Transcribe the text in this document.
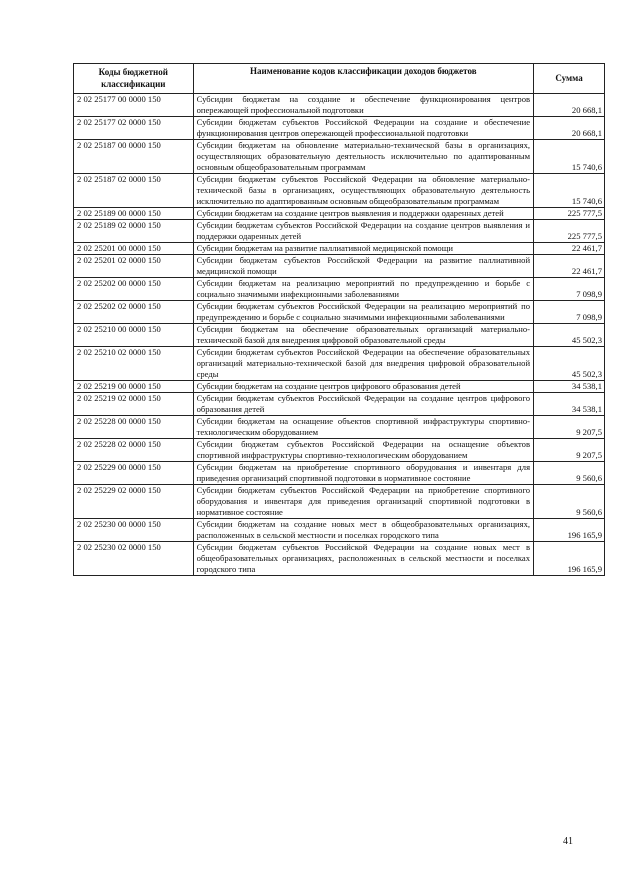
Коды бюджетной классификации	Наименование кодов классификации доходов бюджетов	Сумма
2 02 25177 00 0000 150	Субсидии бюджетам на создание и обеспечение функционирования центров опережающей профессиональной подготовки	20 668,1
2 02 25177 02 0000 150	Субсидии бюджетам субъектов Российской Федерации на создание и обеспечение функционирования центров опережающей профессиональной подготовки	20 668,1
2 02 25187 00 0000 150	Субсидии бюджетам на обновление материально-технической базы в организациях, осуществляющих образовательную деятельность исключительно по адаптированным основным общеобразовательным программам	15 740,6
2 02 25187 02 0000 150	Субсидии бюджетам субъектов Российской Федерации на обновление материально-технической базы в организациях, осуществляющих образовательную деятельность исключительно по адаптированным основным общеобразовательным программам	15 740,6
2 02 25189 00 0000 150	Субсидии бюджетам на создание центров выявления и поддержки одаренных детей	225 777,5
2 02 25189 02 0000 150	Субсидии бюджетам субъектов Российской Федерации на создание центров выявления и поддержки одаренных детей	225 777,5
2 02 25201 00 0000 150	Субсидии бюджетам на развитие паллиативной медицинской помощи	22 461,7
2 02 25201 02 0000 150	Субсидии бюджетам субъектов Российской Федерации на развитие паллиативной медицинской помощи	22 461,7
2 02 25202 00 0000 150	Субсидии бюджетам на реализацию мероприятий по предупреждению и борьбе с социально значимыми инфекционными заболеваниями	7 098,9
2 02 25202 02 0000 150	Субсидии бюджетам субъектов Российской Федерации на реализацию мероприятий по предупреждению и борьбе с социально значимыми инфекционными заболеваниями	7 098,9
2 02 25210 00 0000 150	Субсидии бюджетам на обеспечение образовательных организаций материально-технической базой для внедрения цифровой образовательной среды	45 502,3
2 02 25210 02 0000 150	Субсидии бюджетам субъектов Российской Федерации на обеспечение образовательных организаций материально-технической базой для внедрения цифровой образовательной среды	45 502,3
2 02 25219 00 0000 150	Субсидии бюджетам на создание центров цифрового образования детей	34 538,1
2 02 25219 02 0000 150	Субсидии бюджетам субъектов Российской Федерации на создание центров цифрового образования детей	34 538,1
2 02 25228 00 0000 150	Субсидии бюджетам на оснащение объектов спортивной инфраструктуры спортивно-технологическим оборудованием	9 207,5
2 02 25228 02 0000 150	Субсидии бюджетам субъектов Российской Федерации на оснащение объектов спортивной инфраструктуры спортивно-технологическим оборудованием	9 207,5
2 02 25229 00 0000 150	Субсидии бюджетам на приобретение спортивного оборудования и инвентаря для приведения организаций спортивной подготовки в нормативное состояние	9 560,6
2 02 25229 02 0000 150	Субсидии бюджетам субъектов Российской Федерации на приобретение спортивного оборудования и инвентаря для приведения организаций спортивной подготовки в нормативное состояние	9 560,6
2 02 25230 00 0000 150	Субсидии бюджетам на создание новых мест в общеобразовательных организациях, расположенных в сельской местности и поселках городского типа	196 165,9
2 02 25230 02 0000 150	Субсидии бюджетам субъектов Российской Федерации на создание новых мест в общеобразовательных организациях, расположенных в сельской местности и поселках городского типа	196 165,9
41
